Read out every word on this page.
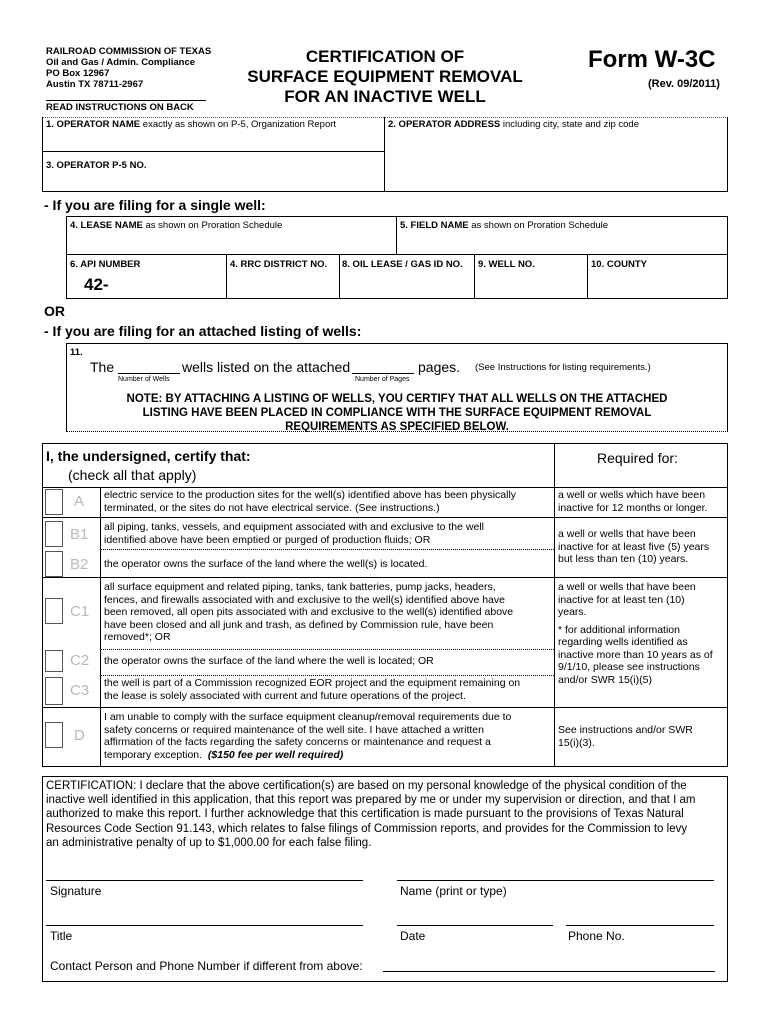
RAILROAD COMMISSION OF TEXAS
Oil and Gas / Admin. Compliance
PO Box 12967
Austin TX 78711-2967
READ INSTRUCTIONS ON BACK
CERTIFICATION OF
SURFACE EQUIPMENT REMOVAL
FOR AN INACTIVE WELL
Form W-3C
(Rev. 09/2011)
1. OPERATOR NAME exactly as shown on P-5, Organization Report	2. OPERATOR ADDRESS including city, state and zip code
3. OPERATOR P-5 NO.
- If you are filing for a single well:
4. LEASE NAME as shown on Proration Schedule	5. FIELD NAME as shown on Proration Schedule
6. API NUMBER
42-
4. RRC DISTRICT NO.	8. OIL LEASE / GAS ID NO.	9. WELL NO.	10. COUNTY
OR
- If you are filing for an attached listing of wells:
11.
The	wells listed on the attached	pages. (See Instructions for listing requirements.)
Number of Wells	Number of Pages
NOTE: BY ATTACHING A LISTING OF WELLS, YOU CERTIFY THAT ALL WELLS ON THE ATTACHED
LISTING HAVE BEEN PLACED IN COMPLIANCE WITH THE SURFACE EQUIPMENT REMOVAL
REQUIREMENTS AS SPECIFIED BELOW.
I, the undersigned, certify that:
(check all that apply)
Required for:
A electric service to the production sites for the well(s) identified above has been physically
terminated, or the sites do not have electrical service. (See instructions.)
a well or wells which have been
inactive for 12 months or longer.
B1 all piping, tanks, vessels, and equipment associated with and exclusive to the well
identified above have been emptied or purged of production fluids; OR
B2 the operator owns the surface of the land where the well(s) is located.
a well or wells that have been
inactive for at least five (5) years
but less than ten (10) years.
C1
all surface equipment and related piping, tanks, tank batteries, pump jacks, headers,
fences, and firewalls associated with and exclusive to the well(s) identified above have
been removed, all open pits associated with and exclusive to the well(s) identified above
have been closed and all junk and trash, as defined by Commission rule, have been
removed*; OR
C2 the operator owns the surface of the land where the well is located; OR
C3 the well is part of a Commission recognized EOR project and the equipment remaining on
the lease is solely associated with current and future operations of the project.
a well or wells that have been
inactive for at least ten (10)
years.
* for additional information
regarding wells identified as
inactive more than 10 years as of
9/1/10, please see instructions
and/or SWR 15(i)(5)
D
I am unable to comply with the surface equipment cleanup/removal requirements due to
safety concerns or required maintenance of the well site. I have attached a written
affirmation of the facts regarding the safety concerns or maintenance and request a
temporary exception. ($150 fee per well required)
See instructions and/or SWR
15(i)(3).
CERTIFICATION: I declare that the above certification(s) are based on my personal knowledge of the physical condition of the
inactive well identified in this application, that this report was prepared by me or under my supervision or direction, and that I am
authorized to make this report. I further acknowledge that this certification is made pursuant to the provisions of Texas Natural
Resources Code Section 91.143, which relates to false filings of Commission reports, and provides for the Commission to levy
an administrative penalty of up to $1,000.00 for each false filing.
Signature	Name (print or type)
Title	Date	Phone No.
Contact Person and Phone Number if different from above:
